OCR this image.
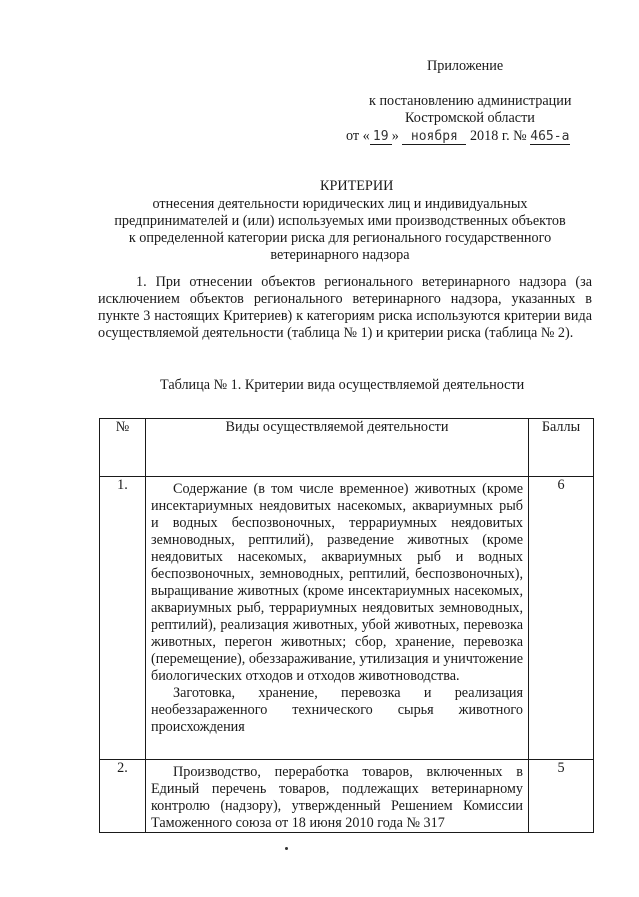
Приложение
к постановлению администрации
Костромской области
от « 19 » ноября 2018 г. № 465-а
КРИТЕРИИ
отнесения деятельности юридических лиц и индивидуальных
предпринимателей и (или) используемых ими производственных объектов
к определенной категории риска для регионального государственного
ветеринарного надзора
1. При отнесении объектов регионального ветеринарного надзора (за исключением объектов регионального ветеринарного надзора, указанных в пункте 3 настоящих Критериев) к категориям риска используются критерии вида осуществляемой деятельности (таблица № 1) и критерии риска (таблица № 2).
Таблица № 1. Критерии вида осуществляемой деятельности
№	Виды осуществляемой деятельности	Баллы
1.	Содержание (в том числе временное) животных (кроме инсектариумных неядовитых насекомых, аквариумных рыб и водных беспозвоночных, террариумных неядовитых земноводных, рептилий), разведение животных (кроме неядовитых насекомых, аквариумных рыб и водных беспозвоночных, земноводных, рептилий, беспозвоночных), выращивание животных (кроме инсектариумных насекомых, аквариумных рыб, террариумных неядовитых земноводных, рептилий), реализация животных, убой животных, перевозка животных, перегон животных; сбор, хранение, перевозка (перемещение), обеззараживание, утилизация и уничтожение биологических отходов и отходов животноводства.
Заготовка, хранение, перевозка и реализация необеззараженного технического сырья животного происхождения	6
2.	Производство, переработка товаров, включенных в Единый перечень товаров, подлежащих ветеринарному контролю (надзору), утвержденный Решением Комиссии Таможенного союза от 18 июня 2010 года № 317	5
